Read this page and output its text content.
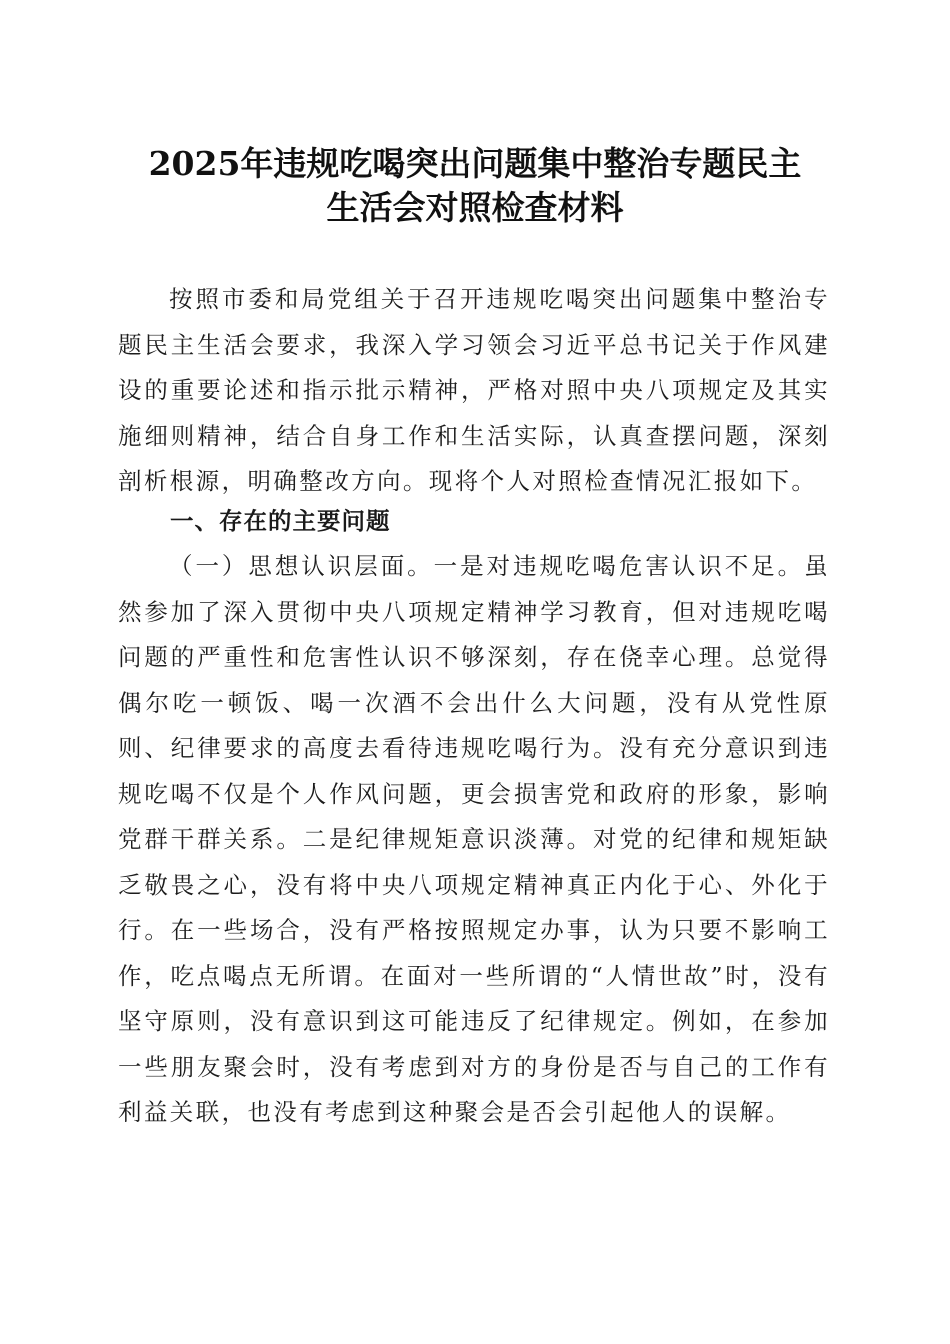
2025年违规吃喝突出问题集中整治专题民主
生活会对照检查材料

按照市委和局党组关于召开违规吃喝突出问题集中整治专题民主生活会要求，我深入学习领会习近平总书记关于作风建设的重要论述和指示批示精神，严格对照中央八项规定及其实施细则精神，结合自身工作和生活实际，认真查摆问题，深刻剖析根源，明确整改方向。现将个人对照检查情况汇报如下。

一、存在的主要问题

（一）思想认识层面。一是对违规吃喝危害认识不足。虽然参加了深入贯彻中央八项规定精神学习教育，但对违规吃喝问题的严重性和危害性认识不够深刻，存在侥幸心理。总觉得偶尔吃一顿饭、喝一次酒不会出什么大问题，没有从党性原则、纪律要求的高度去看待违规吃喝行为。没有充分意识到违规吃喝不仅是个人作风问题，更会损害党和政府的形象，影响党群干群关系。二是纪律规矩意识淡薄。对党的纪律和规矩缺乏敬畏之心，没有将中央八项规定精神真正内化于心、外化于行。在一些场合，没有严格按照规定办事，认为只要不影响工作，吃点喝点无所谓。在面对一些所谓的“人情世故”时，没有坚守原则，没有意识到这可能违反了纪律规定。例如，在参加一些朋友聚会时，没有考虑到对方的身份是否与自己的工作有利益关联，也没有考虑到这种聚会是否会引起他人的误解。
